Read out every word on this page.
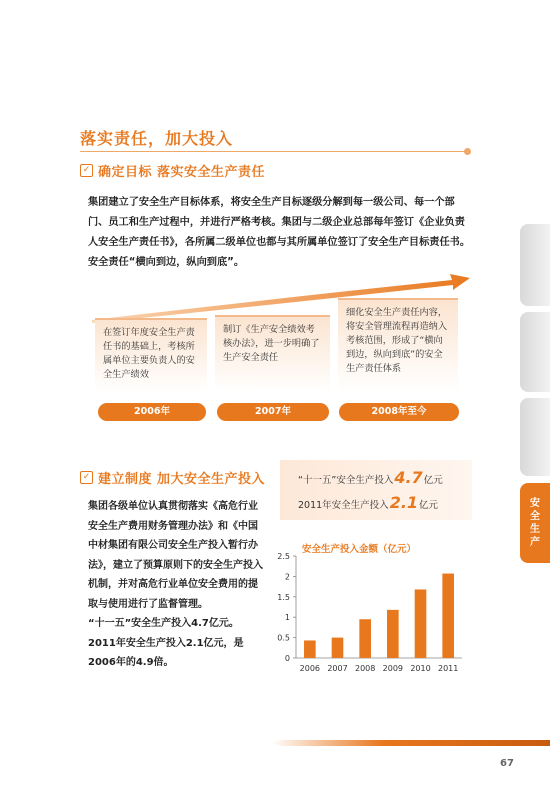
落实责任，加大投入
✓ 确定目标 落实安全生产责任
集团建立了安全生产目标体系，将安全生产目标逐级分解到每一级公司、每一个部门、员工和生产过程中，并进行严格考核。集团与二级企业总部每年签订《企业负责人安全生产责任书》，各所属二级单位也都与其所属单位签订了安全生产目标责任书。安全责任“横向到边，纵向到底”。
在签订年度安全生产责任书的基础上，考核所属单位主要负责人的安全生产绩效
制订《生产安全绩效考核办法》，进一步明确了生产安全责任
细化安全生产责任内容，将安全管理流程再造纳入考核范围，形成了“横向到边，纵向到底”的安全生产责任体系
2006年	2007年	2008年至今
✓ 建立制度 加大安全生产投入

集团各级单位认真贯彻落实《高危行业安全生产费用财务管理办法》和《中国中材集团有限公司安全生产投入暂行办法》，建立了预算原则下的安全生产投入机制，并对高危行业单位安全费用的提取与使用进行了监督管理。

“十一五”安全生产投入4.7亿元。

2011年安全生产投入2.1亿元，是2006年的4.9倍。

“十一五”安全生产投入4.7亿元
2011年安全生产投入2.1亿元
安全生产投入金额（亿元）
0
0.5
1
1.5
2
2.5
2006 2007 2008 2009 2010 2011
安
全
生
产
67
